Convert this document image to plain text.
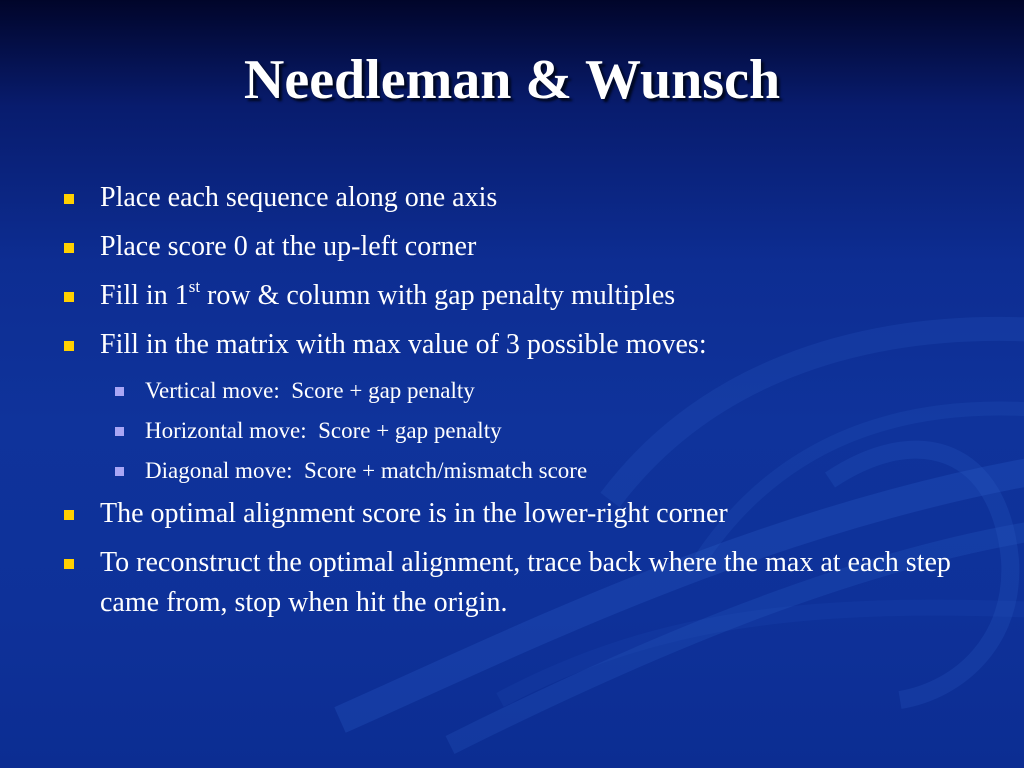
Needleman & Wunsch
Place each sequence along one axis
Place score 0 at the up-left corner
Fill in 1st row & column with gap penalty multiples
Fill in the matrix with max value of 3 possible moves:
Vertical move:  Score + gap penalty
Horizontal move:  Score + gap penalty
Diagonal move:  Score + match/mismatch score
The optimal alignment score is in the lower-right corner
To reconstruct the optimal alignment, trace back where the max at each step came from, stop when hit the origin.
